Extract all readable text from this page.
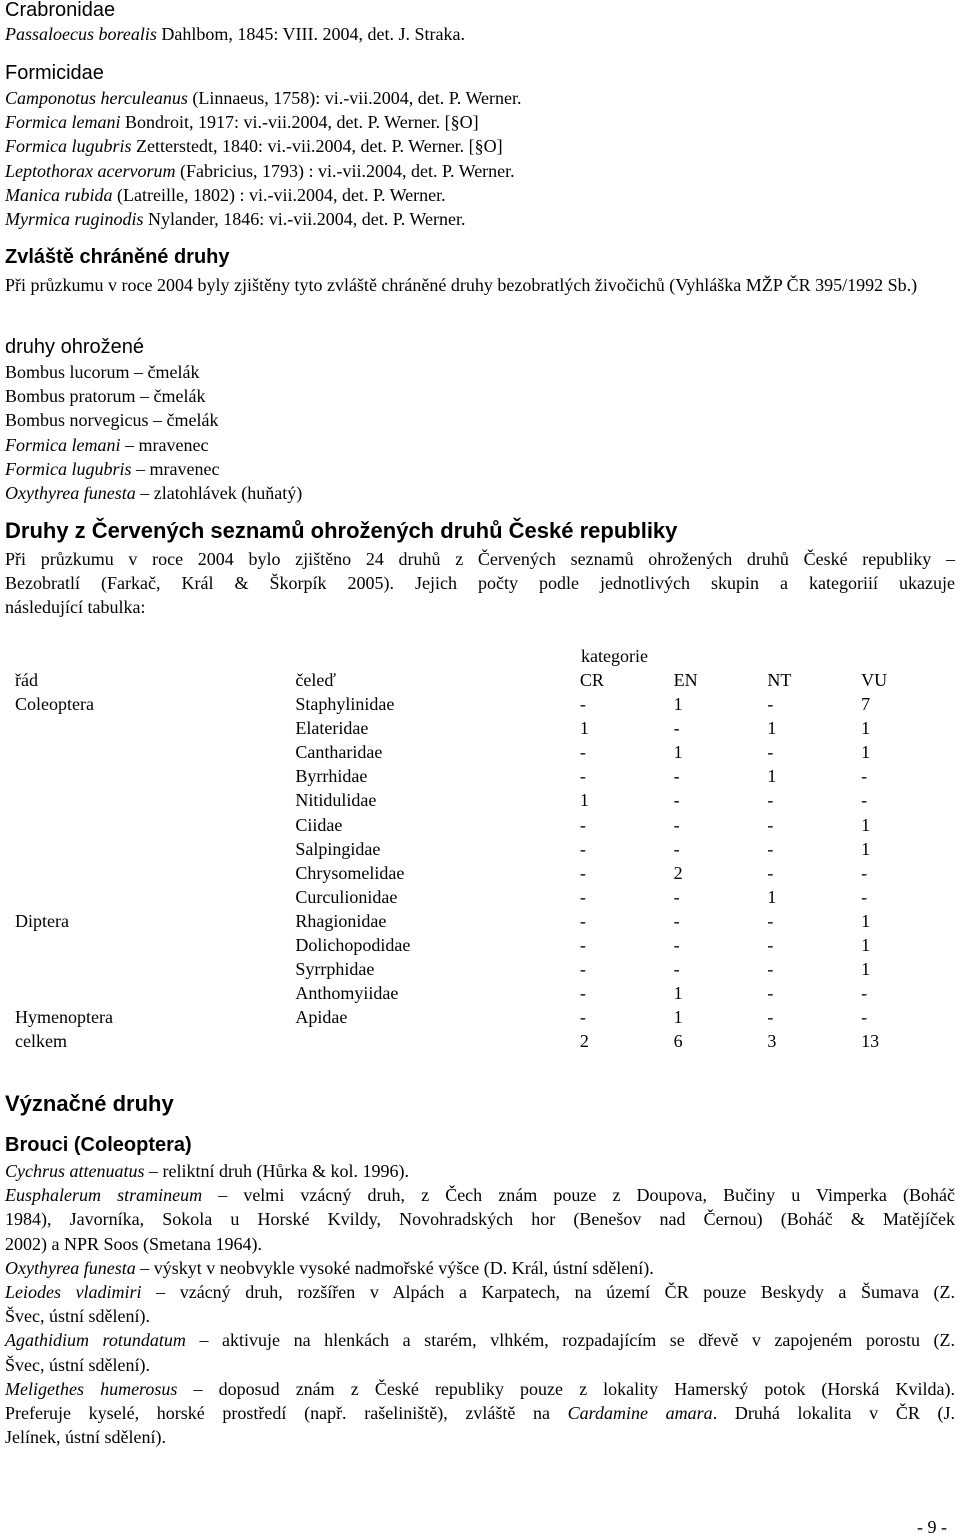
Crabronidae
Passaloecus borealis Dahlbom, 1845: VIII. 2004, det. J. Straka.
Formicidae
Camponotus herculeanus (Linnaeus, 1758): vi.-vii.2004, det. P. Werner.
Formica lemani Bondroit, 1917: vi.-vii.2004, det. P. Werner. [§O]
Formica lugubris Zetterstedt, 1840: vi.-vii.2004, det. P. Werner. [§O]
Leptothorax acervorum (Fabricius, 1793) : vi.-vii.2004, det. P. Werner.
Manica rubida (Latreille, 1802) : vi.-vii.2004, det. P. Werner.
Myrmica ruginodis Nylander, 1846: vi.-vii.2004, det. P. Werner.
Zvláště chráněné druhy
Při průzkumu v roce 2004 byly zjištěny tyto zvláště chráněné druhy bezobratlých živočichů (Vyhláška MŽP ČR 395/1992 Sb.)
druhy ohrožené
Bombus lucorum – čmelák
Bombus pratorum – čmelák
Bombus norvegicus – čmelák
Formica lemani – mravenec
Formica lugubris – mravenec
Oxythyrea funesta – zlatohlávek (huňatý)
Druhy z Červených seznamů ohrožených druhů České republiky
Při průzkumu v roce 2004 bylo zjištěno 24 druhů z Červených seznamů ohrožených druhů České republiky –
Bezobratlí (Farkač, Král & Škorpík 2005). Jejich počty podle jednotlivých skupin a kategoriií ukazuje
následující tabulka:
kategorie
řád	čeleď	CR	EN	NT	VU
Coleoptera	Staphylinidae	-	1	-	7
	Elateridae	1	-	1	1
	Cantharidae	-	1	-	1
	Byrrhidae	-	-	1	-
	Nitidulidae	1	-	-	-
	Ciidae	-	-	-	1
	Salpingidae	-	-	-	1
	Chrysomelidae	-	2	-	-
	Curculionidae	-	-	1	-
Diptera	Rhagionidae	-	-	-	1
	Dolichopodidae	-	-	-	1
	Syrrphidae	-	-	-	1
	Anthomyiidae	-	1	-	-
Hymenoptera	Apidae	-	1	-	-
celkem		2	6	3	13
Význačné druhy
Brouci (Coleoptera)
Cychrus attenuatus – reliktní druh (Hůrka & kol. 1996).
Eusphalerum stramineum – velmi vzácný druh, z Čech znám pouze z Doupova, Bučiny u Vimperka (Boháč
1984), Javorníka, Sokola u Horské Kvildy, Novohradských hor (Benešov nad Černou) (Boháč & Matějíček
2002) a NPR Soos (Smetana 1964).
Oxythyrea funesta – výskyt v neobvykle vysoké nadmořské výšce (D. Král, ústní sdělení).
Leiodes vladimiri – vzácný druh, rozšířen v Alpách a Karpatech, na území ČR pouze Beskydy a Šumava (Z.
Švec, ústní sdělení).
Agathidium rotundatum – aktivuje na hlenkách a starém, vlhkém, rozpadajícím se dřevě v zapojeném porostu (Z.
Švec, ústní sdělení).
Meligethes humerosus – doposud znám z České republiky pouze z lokality Hamerský potok (Horská Kvilda).
Preferuje kyselé, horské prostředí (např. rašeliniště), zvláště na Cardamine amara. Druhá lokalita v ČR (J.
Jelínek, ústní sdělení).
- 9 -
